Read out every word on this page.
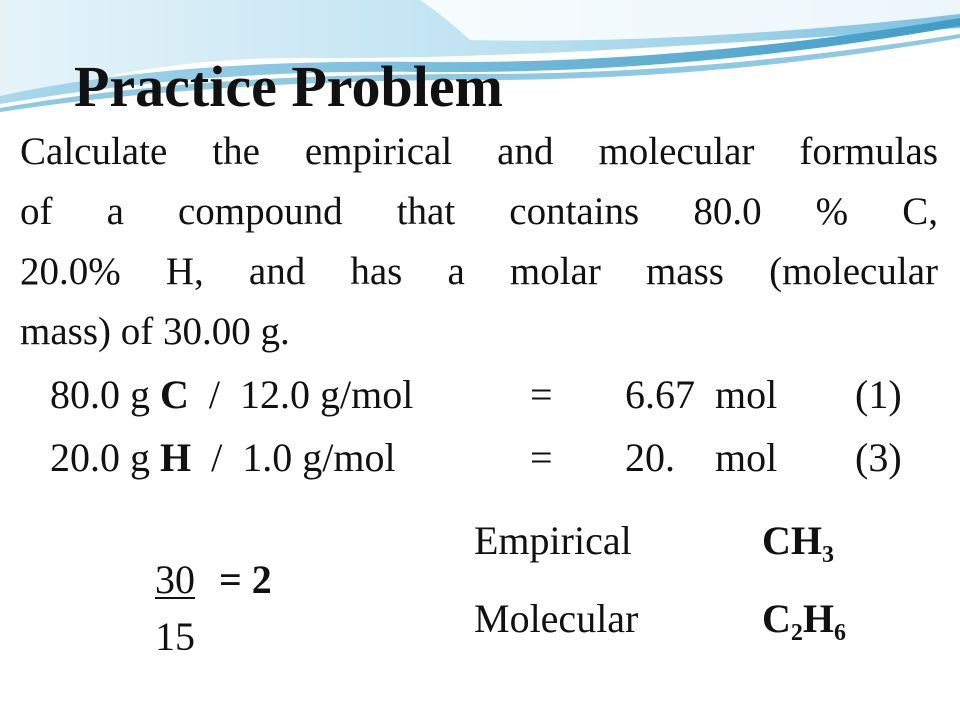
Practice Problem
Calculate the empirical and molecular formulas
of a compound that contains 80.0 % C,
20.0% H, and has a molar mass (molecular
mass) of 30.00 g.
80.0 g C / 12.0 g/mol	= 6.67 mol (1)
20.0 g H / 1.0 g/mol	= 20. mol (3)
30 = 2
15
Empirical	$CH_3$
Molecular	$C_2H_6$
